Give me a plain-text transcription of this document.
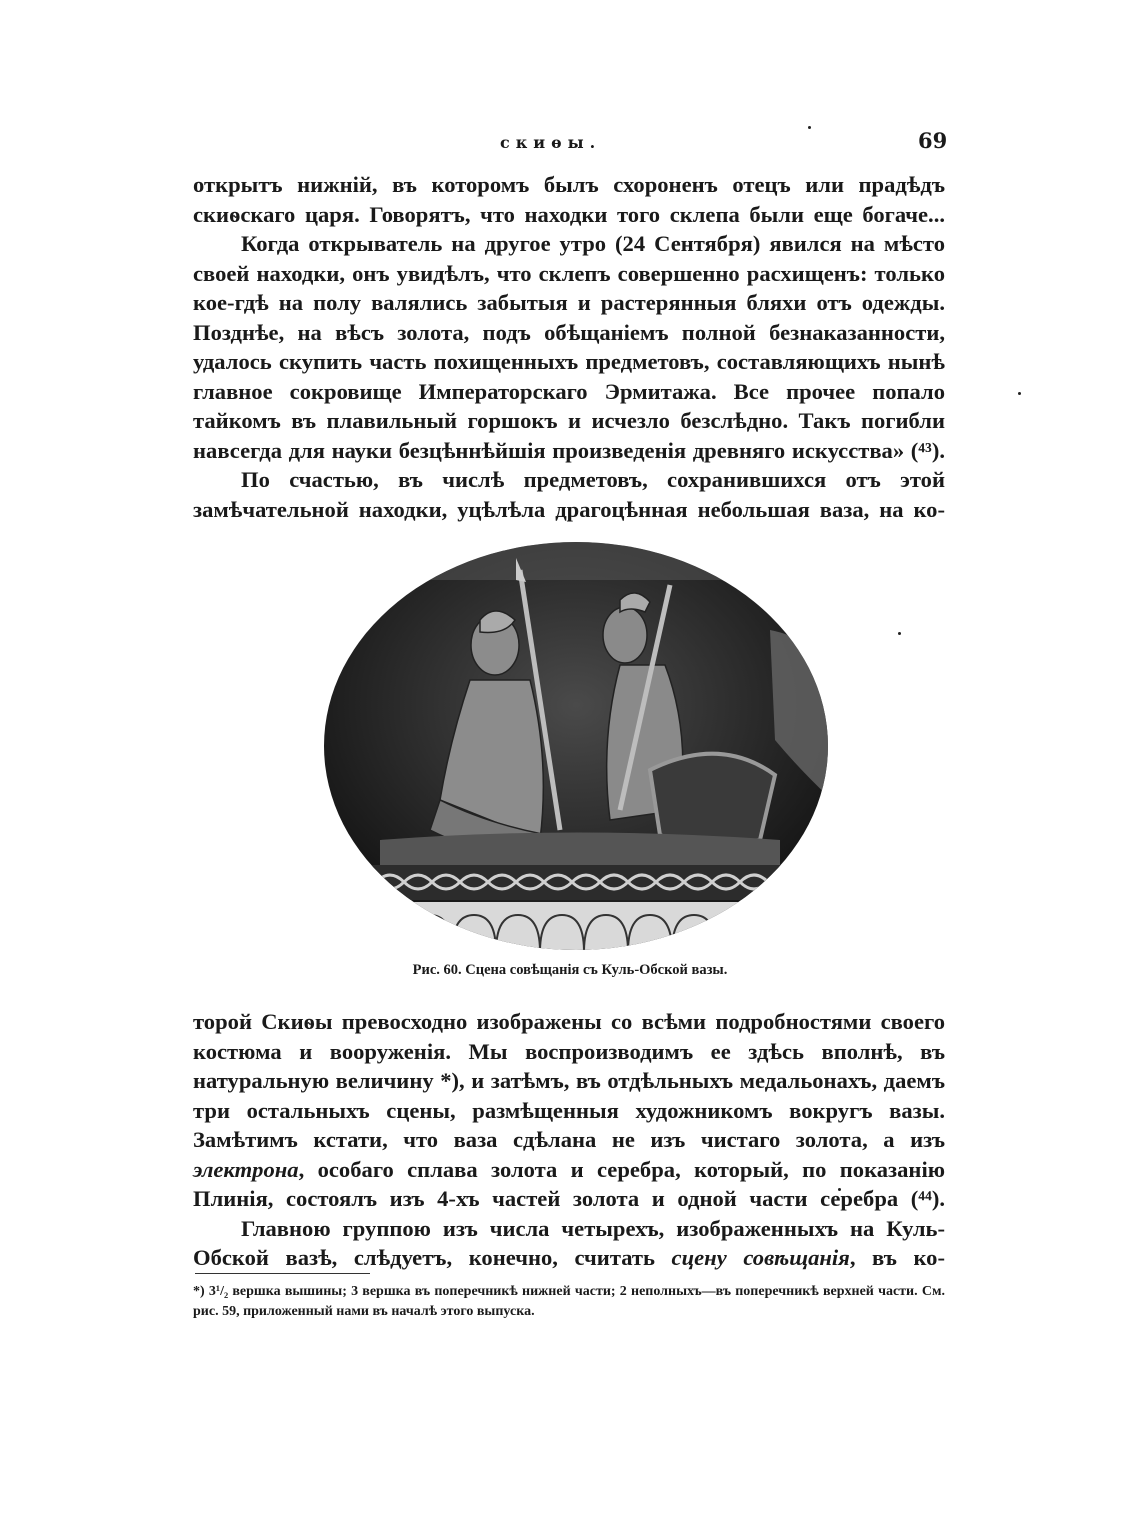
скиѳы.	69

открытъ нижній, въ которомъ былъ схороненъ отецъ или прадѣдъ скиѳскаго царя. Говорятъ, что находки того склепа были еще богаче...

Когда открыватель на другое утро (24 Сентября) явился на мѣсто своей находки, онъ увидѣлъ, что склепъ совершенно расхищенъ: только кое-гдѣ на полу валялись забытыя и растерянныя бляхи отъ одежды. Позднѣе, на вѣсъ золота, подъ обѣщаніемъ полной безнаказанности, удалось скупить часть похищенныхъ предметовъ, составляющихъ нынѣ главное сокровище Императорскаго Эрмитажа. Все прочее попало тайкомъ въ плавильный горшокъ и исчезло безслѣдно. Такъ погибли навсегда для науки безцѣннѣйшія произведенія древняго искусства» (⁴³).

По счастью, въ числѣ предметовъ, сохранившихся отъ этой замѣчательной находки, уцѣлѣла драгоцѣнная небольшая ваза, на ко-

Рис. 60. Сцена совѣщанія съ Куль-Обской вазы.

торой Скиѳы превосходно изображены со всѣми подробностями своего костюма и вооруженія. Мы воспроизводимъ ее здѣсь вполнѣ, въ натуральную величину *), и затѣмъ, въ отдѣльныхъ медальонахъ, даемъ три остальныхъ сцены, размѣщенныя художникомъ вокругъ вазы. Замѣтимъ кстати, что ваза сдѣлана не изъ чистаго золота, а изъ электрона, особаго сплава золота и серебра, который, по показанію Плинія, состоялъ изъ 4-хъ частей золота и одной части серебра (⁴⁴).

Главною группою изъ числа четырехъ, изображенныхъ на Куль-Обской вазѣ, слѣдуетъ, конечно, считать сцену совѣщанія, въ ко-

*) 3¹/₂ вершка вышины; 3 вершка въ поперечникѣ нижней части; 2 неполныхъ—въ поперечникѣ верхней части. См. рис. 59, приложенный нами въ началѣ этого выпуска.
